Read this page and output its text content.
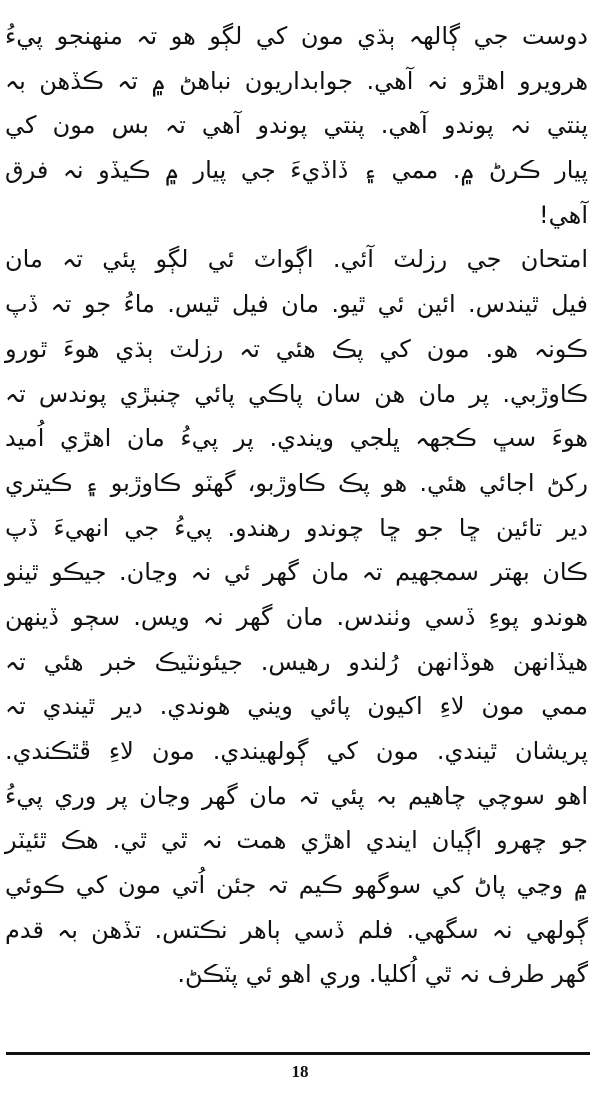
دوست جي ڳالهہ ٻڌي مون کي لڳو ھو تہ منھنجو پيءُ
ھرويرو اھڙو نہ آھي. جوابداريون نباھڻ ۾ تہ ڪڏھن بہ
پنتي نہ پوندو آھي. پنتي پوندو آھي تہ بس مون کي
پيار ڪرڻ ۾. ممي ۽ ڏاڏيءَ جي پيار ۾ ڪيڏو نہ فرق
آھي!
امتحان جي رزلٽ آئي. اڳواٽ ئي لڳو پئي تہ مان
فيل ٿيندس. ائين ئي ٿيو. مان فيل ٿيس. ماءُ جو تہ ڏپ
ڪونہ ھو. مون کي پڪ ھئي تہ رزلٽ ٻڌي ھوءَ ٿورو
ڪاوڙبي. پر مان ھن سان پاڪي پائي چنبڙي پوندس تہ
ھوءَ سڀ ڪجھہ ڀلجي ويندي. پر پيءُ مان اھڙي اُميد
رکڻ اجائي ھئي. ھو پڪ ڪاوڙبو، گھٽو ڪاوڙبو ۽ ڪيتري
دير تائين ڇا جو ڇا چوندو رھندو. پيءُ جي انھيءَ ڏپ
ڪان بھتر سمجھيم تہ مان گھر ئي نہ وڃان. جيڪو ٿيٺو
ھوندو پوءِ ڏسي وٺندس. مان گھر نہ ويس. سڄو ڏينھن
ھيڏانھن ھوڏانھن رُلندو رھيس. جيئونٽيڪ خبر ھئي تہ
ممي مون لاءِ اکيون پائي ويني ھوندي. دير ٿيندي تہ
پريشان ٿيندي. مون کي ڳولھيندي. مون لاءِ ڦٿڪندي.
اھو سوچي چاھيم بہ پئي تہ مان گھر وڃان پر وري پيءُ
جو چھرو اڳيان ايندي اھڙي ھمت نہ ٿي ٿي. ھڪ ٿئيٽر
۾ وڃي پاڻ کي سوگھو ڪيم تہ جئن اُتي مون کي ڪوئي
ڳولھي نہ سگھي. فلم ڏسي ٻاھر نڪتس. تڏھن بہ قدم
گھر طرف نہ ٿي اُکليا. وري اھو ئي پٽڪڻ.
18
